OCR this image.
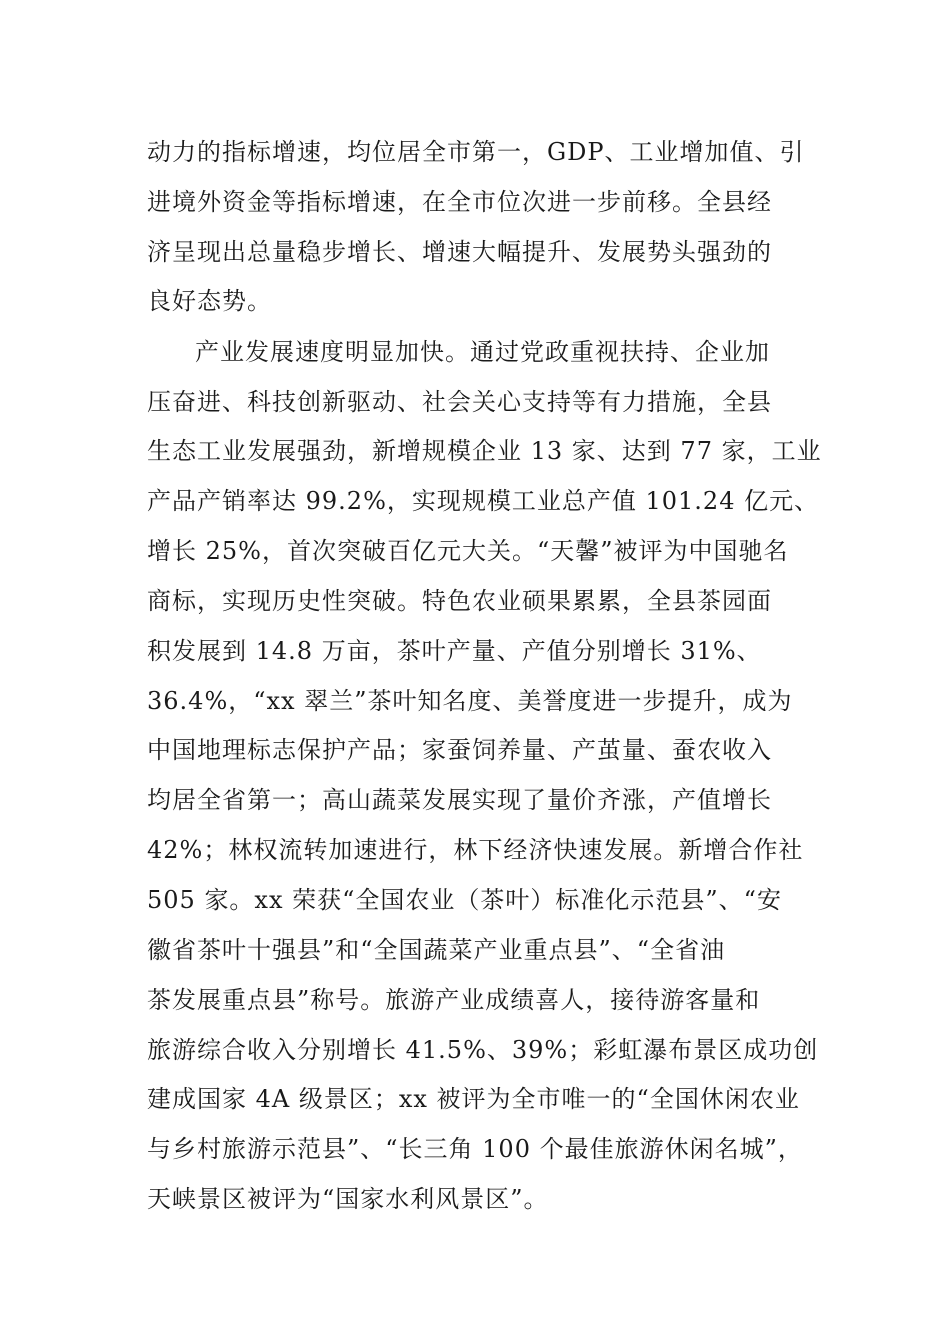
动力的指标增速，均位居全市第一，GDP、工业增加值、引
进境外资金等指标增速，在全市位次进一步前移。全县经
济呈现出总量稳步增长、增速大幅提升、发展势头强劲的
良好态势。
产业发展速度明显加快。通过党政重视扶持、企业加
压奋进、科技创新驱动、社会关心支持等有力措施，全县
生态工业发展强劲，新增规模企业 13 家、达到 77 家，工业
产品产销率达 99.2%，实现规模工业总产值 101.24 亿元、
增长 25%，首次突破百亿元大关。“天馨”被评为中国驰名
商标，实现历史性突破。特色农业硕果累累，全县茶园面
积发展到 14.8 万亩，茶叶产量、产值分别增长 31%、
36.4%，“xx 翠兰”茶叶知名度、美誉度进一步提升，成为
中国地理标志保护产品；家蚕饲养量、产茧量、蚕农收入
均居全省第一；高山蔬菜发展实现了量价齐涨，产值增长
42%；林权流转加速进行，林下经济快速发展。新增合作社
505 家。xx 荣获“全国农业（茶叶）标准化示范县”、“安
徽省茶叶十强县”和“全国蔬菜产业重点县”、“全省油
茶发展重点县”称号。旅游产业成绩喜人，接待游客量和
旅游综合收入分别增长 41.5%、39%；彩虹瀑布景区成功创
建成国家 4A 级景区；xx 被评为全市唯一的“全国休闲农业
与乡村旅游示范县”、“长三角 100 个最佳旅游休闲名城”，
天峡景区被评为“国家水利风景区”。
